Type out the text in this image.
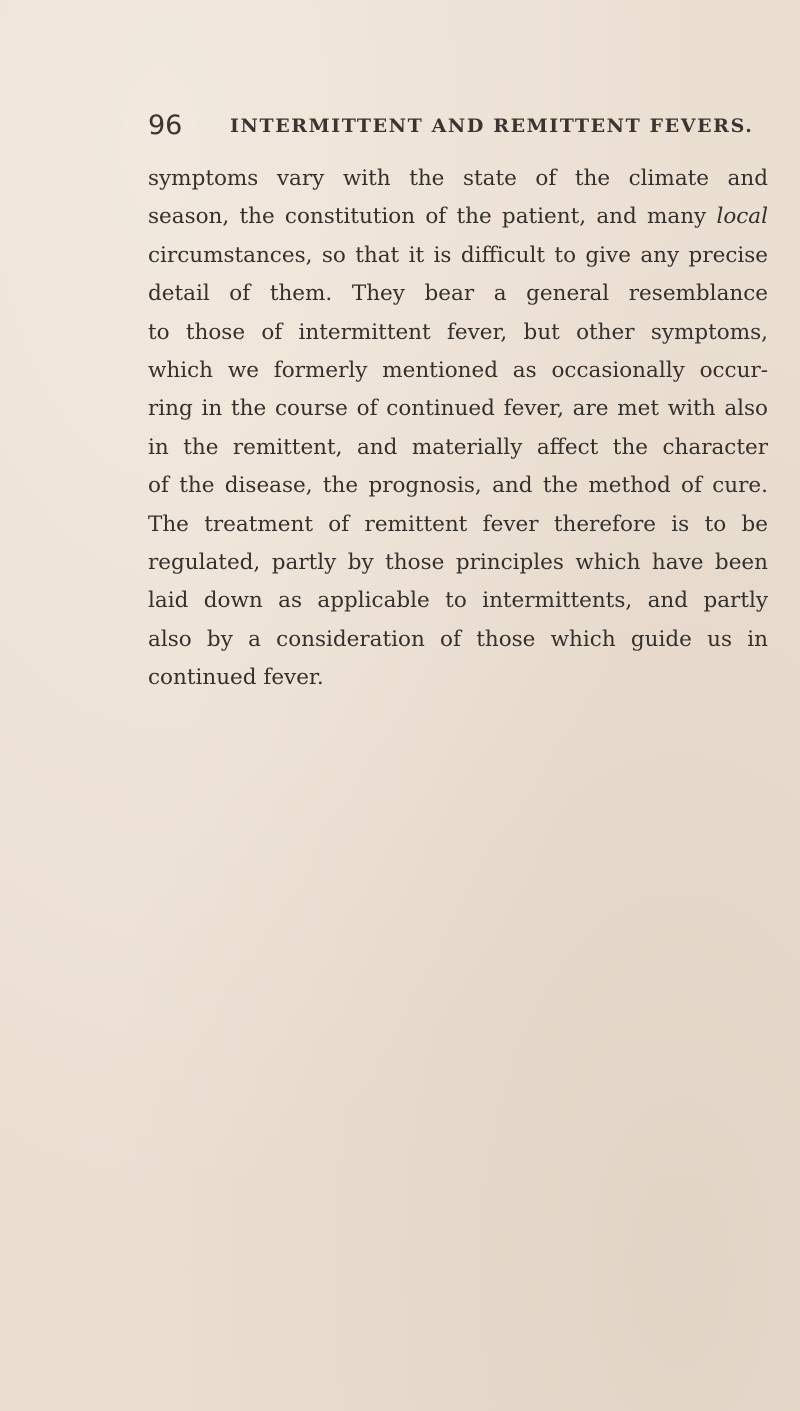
96	INTERMITTENT AND REMITTENT FEVERS.
symptoms vary with the state of the climate and
season, the constitution of the patient, and many local
circumstances, so that it is difficult to give any precise
detail of them. They bear a general resemblance
to those of intermittent fever, but other symptoms,
which we formerly mentioned as occasionally occur-
ring in the course of continued fever, are met with also
in the remittent, and materially affect the character
of the disease, the prognosis, and the method of cure.
The treatment of remittent fever therefore is to be
regulated, partly by those principles which have been
laid down as applicable to intermittents, and partly
also by a consideration of those which guide us in
continued fever.
